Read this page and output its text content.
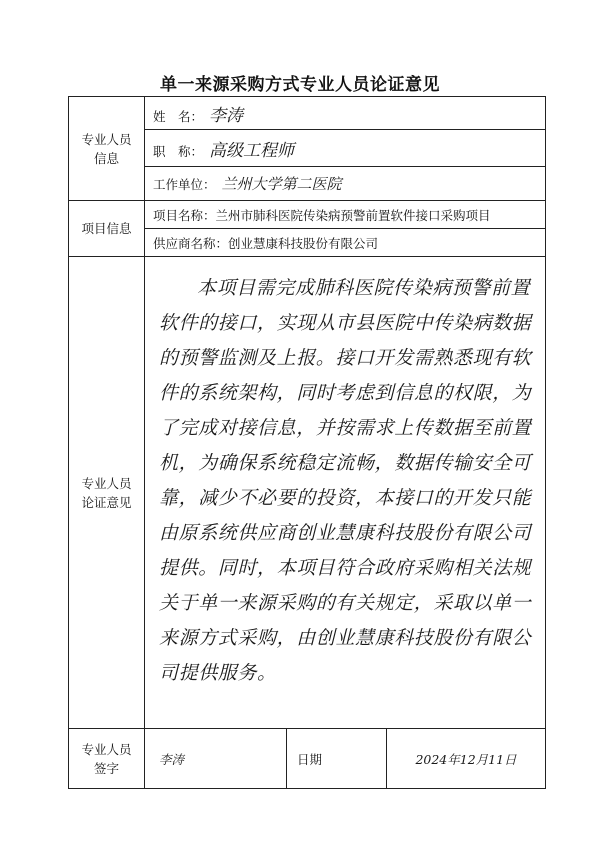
单一来源采购方式专业人员论证意见
专业人员信息	姓　名： 李涛		
	职　称： 高级工程师		
	工作单位： 兰州大学第二医院		
项目信息	项目名称：兰州市肺科医院传染病预警前置软件接口采购项目		
	供应商名称：创业慧康科技股份有限公司		
专业人员论证意见	本项目需完成肺科医院传染病预警前置软件的接口，实现从市县医院中传染病数据的预警监测及上报。接口开发需熟悉现有软件的系统架构，同时考虑到信息的权限，为了完成对接信息，并按需求上传数据至前置机，为确保系统稳定流畅，数据传输安全可靠，减少不必要的投资，本接口的开发只能由原系统供应商创业慧康科技股份有限公司提供。同时，本项目符合政府采购相关法规关于单一来源采购的有关规定，采取以单一来源方式采购，由创业慧康科技股份有限公司提供服务。		

专业人员签字	李涛	日期	2024年12月11日
